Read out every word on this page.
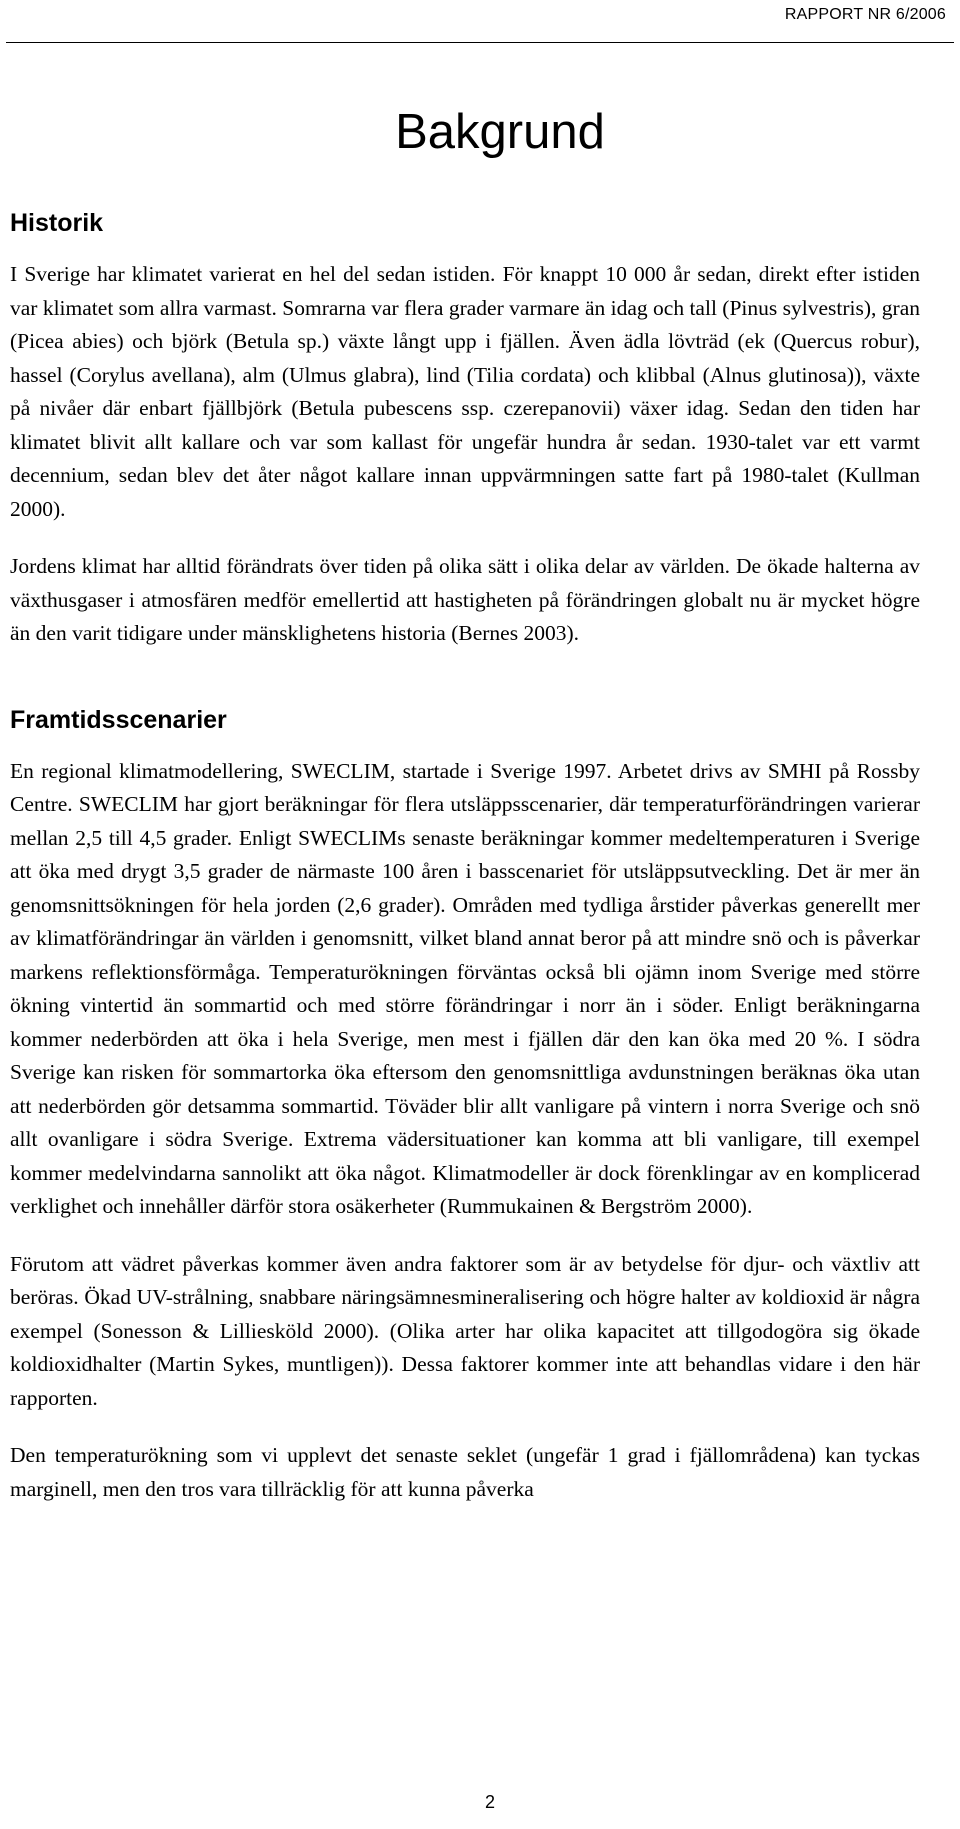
RAPPORT NR 6/2006
Bakgrund
Historik

I Sverige har klimatet varierat en hel del sedan istiden. För knappt 10 000 år sedan, direkt efter istiden var klimatet som allra varmast. Somrarna var flera grader varmare än idag och tall (Pinus sylvestris), gran (Picea abies) och björk (Betula sp.) växte långt upp i fjällen. Även ädla lövträd (ek (Quercus robur), hassel (Corylus avellana), alm (Ulmus glabra), lind (Tilia cordata) och klibbal (Alnus glutinosa)), växte på nivåer där enbart fjällbjörk (Betula pubescens ssp. czerepanovii) växer idag. Sedan den tiden har klimatet blivit allt kallare och var som kallast för ungefär hundra år sedan. 1930-talet var ett varmt decennium, sedan blev det åter något kallare innan uppvärmningen satte fart på 1980-talet (Kullman 2000).

Jordens klimat har alltid förändrats över tiden på olika sätt i olika delar av världen. De ökade halterna av växthusgaser i atmosfären medför emellertid att hastigheten på förändringen globalt nu är mycket högre än den varit tidigare under mänsklighetens historia (Bernes 2003).

Framtidsscenarier

En regional klimatmodellering, SWECLIM, startade i Sverige 1997. Arbetet drivs av SMHI på Rossby Centre. SWECLIM har gjort beräkningar för flera utsläppsscenarier, där temperaturförändringen varierar mellan 2,5 till 4,5 grader. Enligt SWECLIMs senaste beräkningar kommer medeltemperaturen i Sverige att öka med drygt 3,5 grader de närmaste 100 åren i basscenariet för utsläppsutveckling. Det är mer än genomsnittsökningen för hela jorden (2,6 grader). Områden med tydliga årstider påverkas generellt mer av klimatförändringar än världen i genomsnitt, vilket bland annat beror på att mindre snö och is påverkar markens reflektionsförmåga. Temperaturökningen förväntas också bli ojämn inom Sverige med större ökning vintertid än sommartid och med större förändringar i norr än i söder. Enligt beräkningarna kommer nederbörden att öka i hela Sverige, men mest i fjällen där den kan öka med 20 %. I södra Sverige kan risken för sommartorka öka eftersom den genomsnittliga avdunstningen beräknas öka utan att nederbörden gör detsamma sommartid. Töväder blir allt vanligare på vintern i norra Sverige och snö allt ovanligare i södra Sverige. Extrema vädersituationer kan komma att bli vanligare, till exempel kommer medelvindarna sannolikt att öka något. Klimatmodeller är dock förenklingar av en komplicerad verklighet och innehåller därför stora osäkerheter (Rummukainen & Bergström 2000).

Förutom att vädret påverkas kommer även andra faktorer som är av betydelse för djur- och växtliv att beröras. Ökad UV-strålning, snabbare näringsämnesmineralisering och högre halter av koldioxid är några exempel (Sonesson & Lilliesköld 2000). (Olika arter har olika kapacitet att tillgodogöra sig ökade koldioxidhalter (Martin Sykes, muntligen)). Dessa faktorer kommer inte att behandlas vidare i den här rapporten.

Den temperaturökning som vi upplevt det senaste seklet (ungefär 1 grad i fjällområdena) kan tyckas marginell, men den tros vara tillräcklig för att kunna påverka

2
